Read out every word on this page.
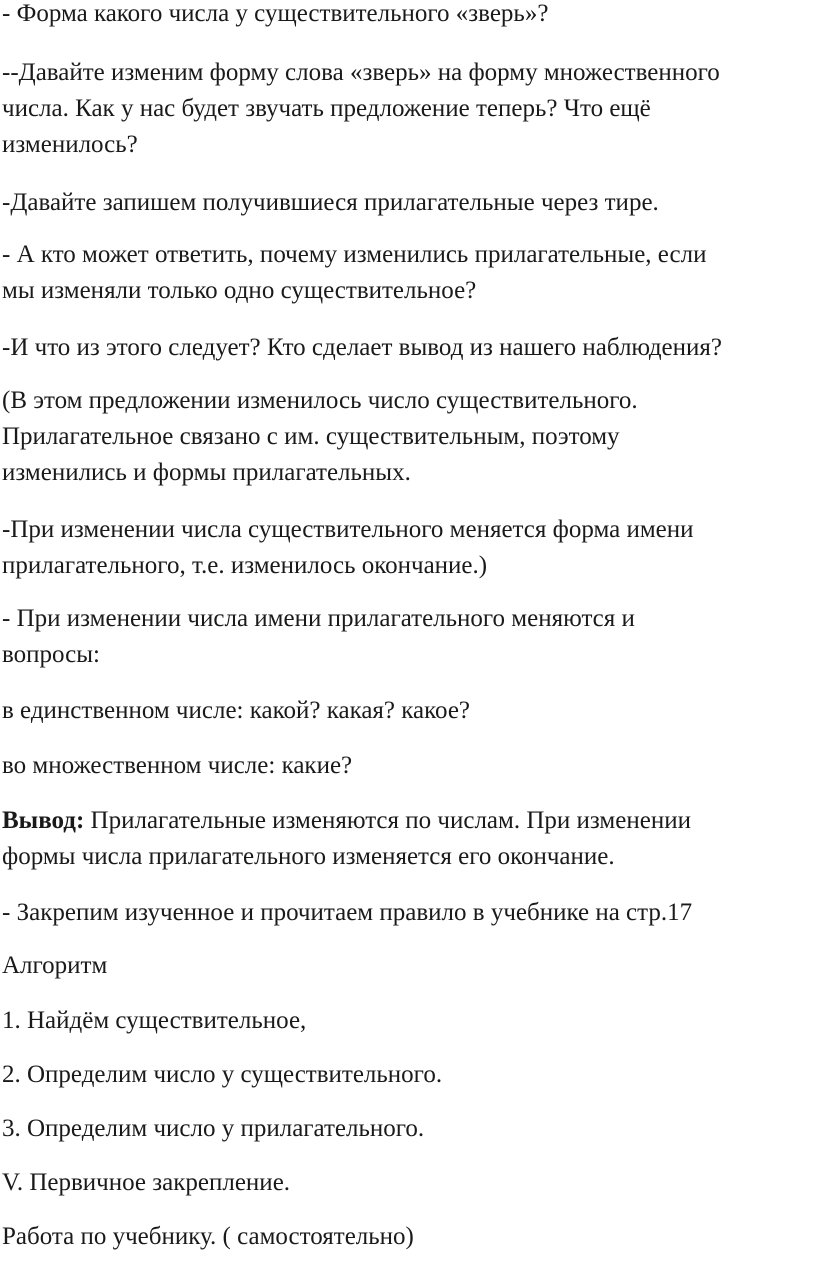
- Форма какого числа у существительного «зверь»?

--Давайте изменим форму слова «зверь» на форму множественного
числа. Как у нас будет звучать предложение теперь? Что ещё
изменилось?

-Давайте запишем получившиеся прилагательные через тире.

- А кто может ответить, почему изменились прилагательные, если
мы изменяли только одно существительное?

-И что из этого следует? Кто сделает вывод из нашего наблюдения?

(В этом предложении изменилось число существительного.
Прилагательное связано с им. существительным, поэтому
изменились и формы прилагательных.

-При изменении числа существительного меняется форма имени
прилагательного, т.е. изменилось окончание.)

- При изменении числа имени прилагательного меняются и
вопросы:

в единственном числе: какой? какая? какое?

во множественном числе: какие?

Вывод: Прилагательные изменяются по числам. При изменении
формы числа прилагательного изменяется его окончание.

- Закрепим изученное и прочитаем правило в учебнике на стр.17

Алгоритм

1. Найдём существительное,

2. Определим число у существительного.

3. Определим число у прилагательного.

V. Первичное закрепление.

Работа по учебнику. ( самостоятельно)
